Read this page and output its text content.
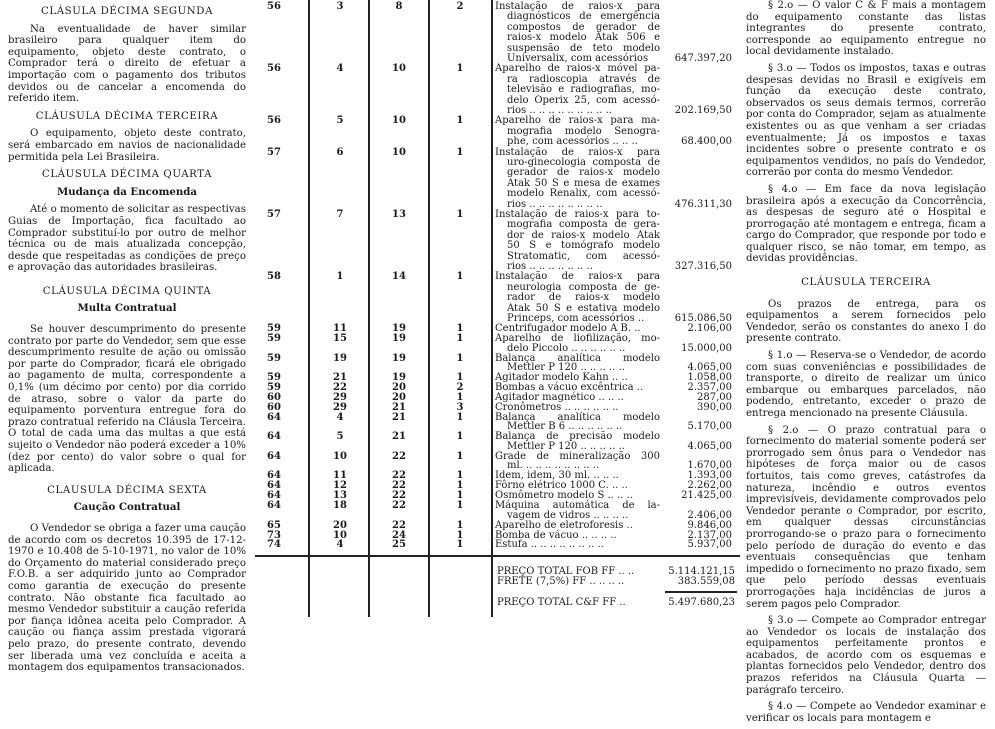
CLÁSULA DÉCIMA SEGUNDA

Na eventualidade de haver similar brasileiro para qualquer item do equipamento, objeto deste contrato, o Comprador terá o direito de efetuar a importação com o pagamento dos tributos devidos ou de cancelar a encomenda do referido item.

CLÁUSULA DÉCIMA TERCEIRA

O equipamento, objeto deste contrato, será embarcado em navios de nacionalidade permitida pela Lei Brasileira.

CLÁUSULA DÉCIMA QUARTA
Mudança da Encomenda

Até o momento de solicitar as respectivas Guias de Importação, fica facultado ao Comprador substituí-lo por outro de melhor técnica ou de mais atualizada concepção, desde que respeitadas as condições de preço e aprovação das autoridades brasileiras.

CLÁUSULA DÉCIMA QUINTA
Multa Contratual

Se houver descumprimento do presente contrato por parte do Vendedor, sem que esse descumprimento resulte de ação ou omissão por parte do Comprador, ficará ele obrigado ao pagamento de multa, correspondente a 0,1% (um décimo por cento) por dia corrido de atraso, sobre o valor da parte do equipamento porventura entregue fora do prazo contratual referido na Cláusla Terceira. O total de cada uma das multas a que está sujeito o Vendedor não poderá exceder a 10% (dez por cento) do valor sobre o qual for aplicada.

CLAUSULA DÉCIMA SEXTA
Caução Contratual

O Vendedor se obriga a fazer uma caução de acordo com os decretos 10.395 de 17-12-1970 e 10.408 de 5-10-1971, no valor de 10% do Orçamento do material considerado preço F.O.B. a ser adquirido junto ao Comprador como garantia de execução do presente contrato. Não obstante fica facultado ao mesmo Vendedor substituir a caução referida por fiança idônea aceita pelo Comprador. A caução ou fiança assim prestada vigorará pelo prazo, do presente contrato, devendo ser liberada uma vez concluída e aceita a montagem dos equipamentos transacionados.

56	3	8	2	Instalação de raios-x para
diagnósticos de emergência
compostos de gerador de
raios-x modelo Atak 506 e
suspensão de teto modelo
Universalix, com acessórios	647.397,20
56	4	10	1	Aparelho de raios-x móvel pa-
ra radioscopia através de
televisão e radiografias, mo-
delo Operix 25, com acessó-
rios .. .. .. .. .. .. .. .. ..	202.169,50
56	5	10	1	Aparelho de raios-x para ma-
mografia modelo Senogra-
phe, com acessórios .. .. ..	68.400,00
57	6	10	1	Instalação de raios-x para
uro-ginecologia composta de
gerador de raios-x modelo
Atak 50 S e mesa de exames
modelo Renalix, com acessó-
rios .. .. .. .. .. .. .. ..	476.311,30
57	7	13	1	Instalação de raios-x para to-
mografia composta de gera-
dor de raios-x modelo Atak
50 S e tomógrafo modelo
Stratomatic, com acessó-
rios .. .. .. .. .. .. ..	327.316,50
58	1	14	1	Instalação de raios-x para
neurologia composta de ge-
rador de raios-x modelo
Atak 50 S e estativa modelo
Princeps, com acessórios ..	615.086,50
59	11	19	1	Centrifugador modelo A B. ..	2.106,00
59	15	19	1	Aparelho de liofilização, mo-
delo Piccolo .. .. .. .. .. ..	15.000,00
59	19	19	1	Balança analítica modelo
Mettler P 120 .. .. .. .. ..	4.065,00
59	21	19	1	Agitador modelo Kahn .. ..	1.058,00
59	22	20	2	Bombas a vácuo excêntrica ..	2.357,00
60	29	20	1	Agitador magnético .. .. ..	287,00
60	29	21	3	Cronômetros .. .. .. .. .. ..	390,00
64	4	21	1	Balança analítica modelo
Mettler B 6 .. .. .. .. .. ..	5.170,00
64	5	21	1	Balança de precisão modelo
Mettler P 120 .. .. .. .. ..	4.065,00
64	10	22	1	Grade de mineralização 300
ml. .. .. .. .. .. .. .. ..	1.670,00
64	11	22	1	Idem, idem, 30 ml. .. .. ..	1.393,00
64	12	22	1	Fôrno elétrico 1000 C. .. ..	2.262,00
64	13	22	1	Osmômetro modelo S .. .. ..	21.425,00
64	18	22	1	Máquina automática de la-
vagem de vidros .. .. .. ..	2.406,00
65	20	22	1	Aparelho de eletroforesis ..	9.846,00
73	10	24	1	Bomba de vácuo .. .. .. ..	2.137,00
74	4	25	1	Estufa .. .. .. .. .. .. .. ..	5.937,00
PREÇO TOTAL FOB FF .. ..	5.114.121,15
FRETE (7,5%) FF .. .. .. ..	383.559,08
PREÇO TOTAL C&F FF ..	5.497.680,23

§ 2.o — O valor C & F mais a montagem do equipamento constante das listas integrantes do presente contrato, corresponde ao equipamento entregue no local devidamente instalado.

§ 3.o — Todos os impostos, taxas e outras despesas devidas no Brasil e exigíveis em função da execução deste contrato, observados os seus demais termos, correrão por conta do Comprador, sejam as atualmente existentes ou as que venham a ser criadas eventualmente; Já os impostos e taxas incidentes sobre o presente contrato e os equipamentos vendidos, no país do Vendedor, correrão por conta do mesmo Vendedor.

§ 4.o — Em face da nova legislação brasileira após a execução da Concorrência, as despesas de seguro até o Hospital e prorrogação até montagem e entrega, ficam a cargo do Comprador, que responde por todo e qualquer risco, se não tomar, em tempo, as devidas providências.

CLÁUSULA TERCEIRA

Os prazos de entrega, para os equipamentos a serem fornecidos pelo Vendedor, serão os constantes do anexo I do presente contrato.

§ 1.o — Reserva-se o Vendedor, de acordo com suas conveniências e possibilidades de transporte, o direito de realizar um único embarque ou embarques parcelados, não podendo, entretanto, exceder o prazo de entrega mencionado na presente Cláusula.

§ 2.o — O prazo contratual para o fornecimento do material somente poderá ser prorrogado sem ônus para o Vendedor nas hipóteses de força maior ou de casos fortuitos, tais como greves, catástrofes da natureza, incêndio e outros eventos imprevisíveis, devidamente comprovados pelo Vendedor perante o Comprador, por escrito, em qualquer dessas circunstâncias prorrogando-se o prazo para o fornecimento pelo período de duração do evento e das eventuais consequências que tenham impedido o fornecimento no prazo fixado, sem que pelo período dessas eventuais prorrogações haja incidências de juros a serem pagos pelo Comprador.

§ 3.o — Compete ao Comprador entregar ao Vendedor os locais de instalação dos equipamentos perfeitamente prontos e acabados, de acordo com os esquemas e plantas fornecidos pelo Vendedor, dentro dos prazos referidos na Cláusula Quarta — parágrafo terceiro.

§ 4.o — Compete ao Vendedor examinar e verificar os locais para montagem e
